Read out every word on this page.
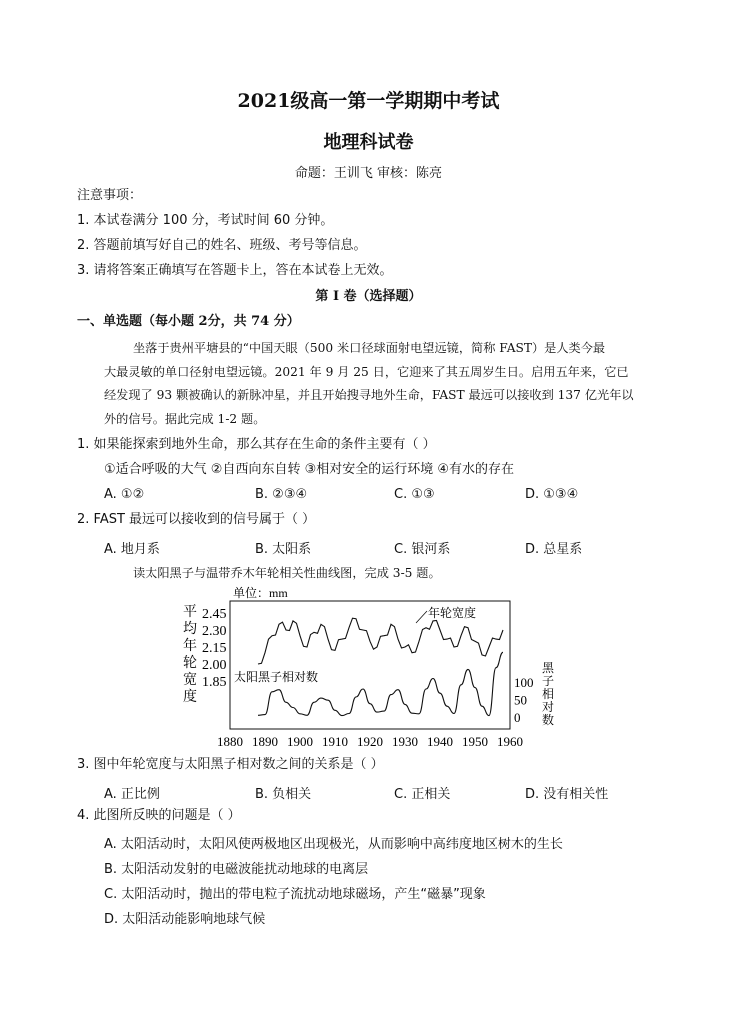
2021级高一第一学期期中考试
地理科试卷
命题：王训飞 审核：陈亮
注意事项：
1. 本试卷满分 100 分，考试时间 60 分钟。
2. 答题前填写好自己的姓名、班级、考号等信息。
3. 请将答案正确填写在答题卡上，答在本试卷上无效。
第 I 卷（选择题）
一、单选题（每小题 2分，共 74 分）
坐落于贵州平塘县的“中国天眼（500 米口径球面射电望远镜，简称 FAST）是人类今最
大最灵敏的单口径射电望远镜。2021 年 9 月 25 日，它迎来了其五周岁生日。启用五年来，它已
经发现了 93 颗被确认的新脉冲星，并且开始搜寻地外生命，FAST 最远可以接收到 137 亿光年以
外的信号。据此完成 1-2 题。
1. 如果能探索到地外生命，那么其存在生命的条件主要有（ ）
①适合呼吸的大气 ②自西向东自转 ③相对安全的运行环境 ④有水的存在
A. ①②	B. ②③④	C. ①③	D. ①③④
2. FAST 最远可以接收到的信号属于（ ）
A. 地月系	B. 太阳系	C. 银河系	D. 总星系
读太阳黑子与温带乔木年轮相关性曲线图，完成 3-5 题。
单位：mm
平
均
年
轮
宽
度
黑
子
相
对
数
2.45
2.30
2.15
2.00
1.85	100
50
0
1880 1890 1900 1910 1920 1930 1940 1950 1960
年轮宽度
太阳黑子相对数
3. 图中年轮宽度与太阳黑子相对数之间的关系是（ ）
A. 正比例	B. 负相关	C. 正相关	D. 没有相关性
4. 此图所反映的问题是（ ）
A. 太阳活动时，太阳风使两极地区出现极光，从而影响中高纬度地区树木的生长
B. 太阳活动发射的电磁波能扰动地球的电离层
C. 太阳活动时，抛出的带电粒子流扰动地球磁场，产生“磁暴”现象
D. 太阳活动能影响地球气候
